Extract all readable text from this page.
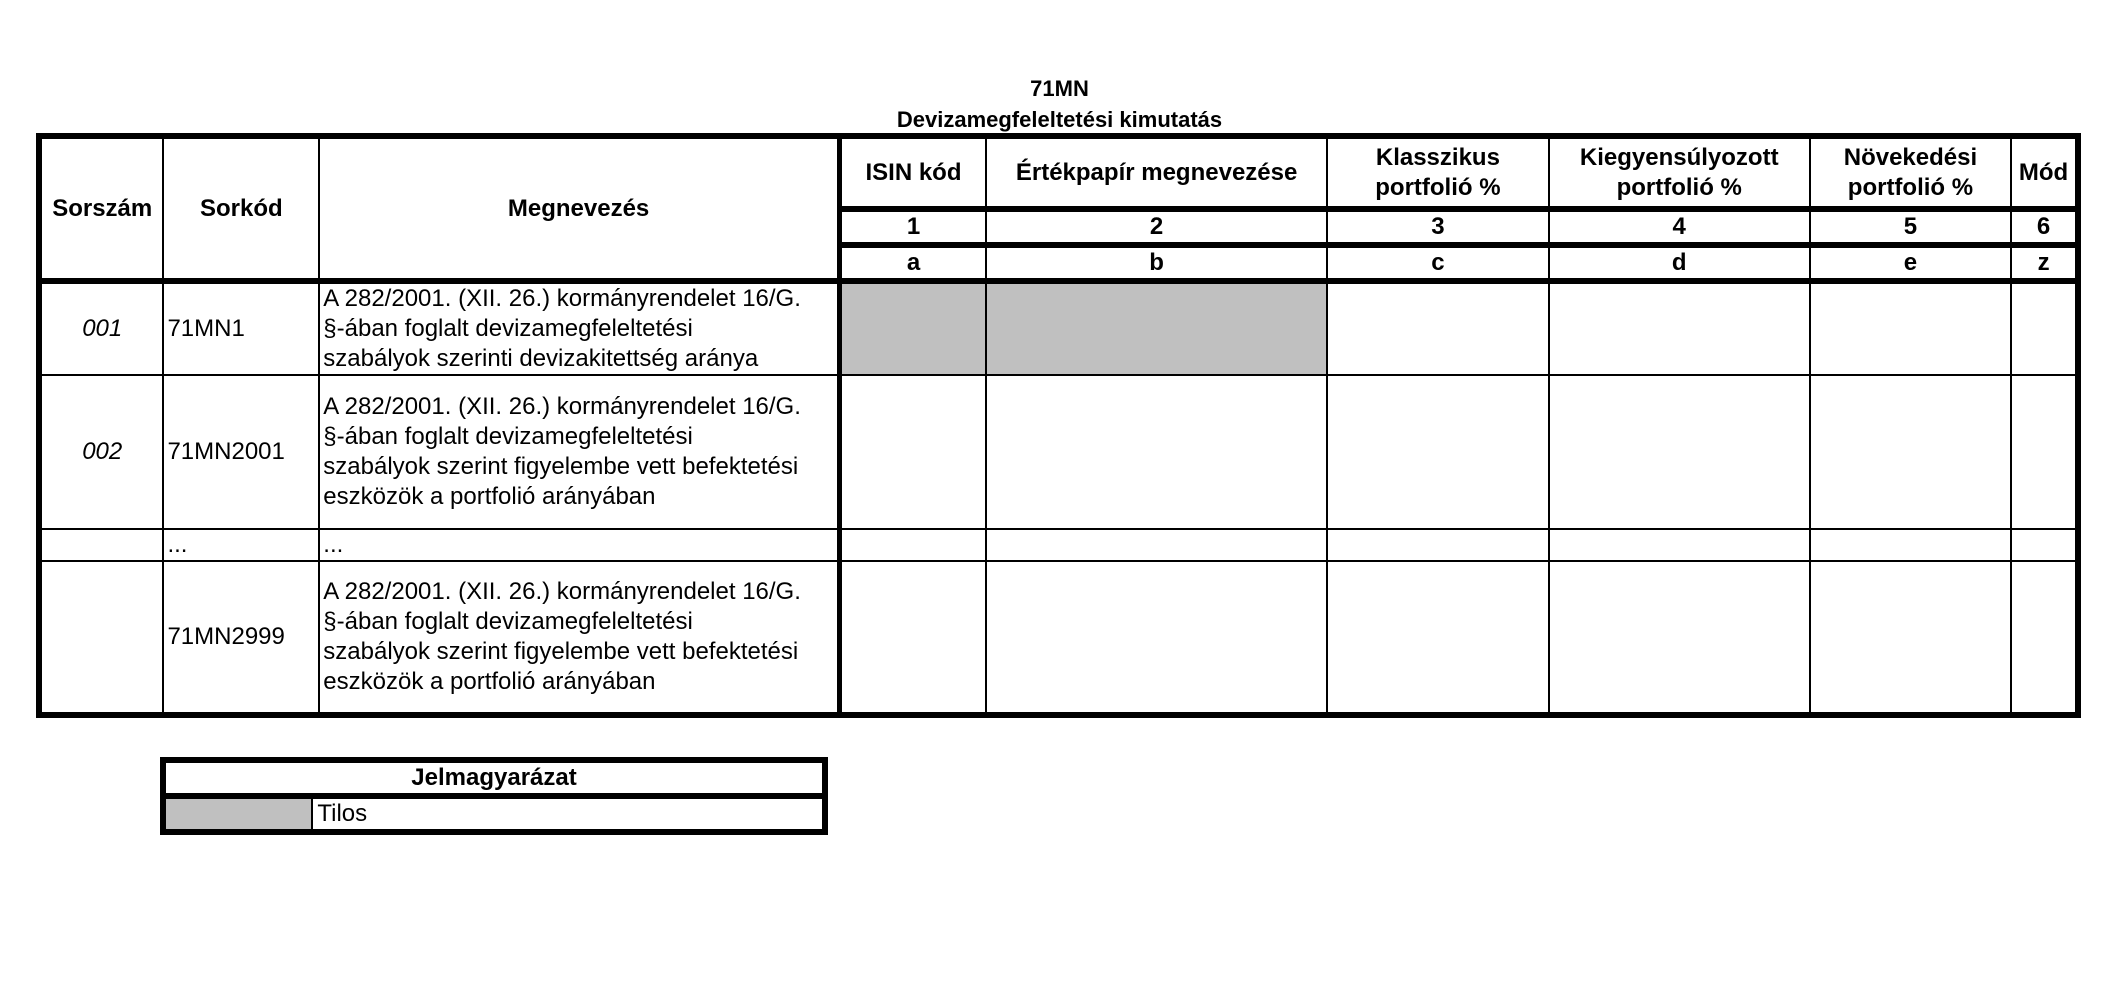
71MN
Devizamegfeleltetési kimutatás
Sorszám	Sorkód	Megnevezés	ISIN kód	Értékpapír megnevezése	Klasszikus portfolió %	Kiegyensúlyozott portfolió %	Növekedési portfolió %	Mód
			1	2	3	4	5	6
			a	b	c	d	e	z
001	71MN1	A 282/2001. (XII. 26.) kormányrendelet 16/G.
§-ában foglalt devizamegfeleltetési
szabályok szerinti devizakitettség aránya						

002	71MN2001	A 282/2001. (XII. 26.) kormányrendelet 16/G.
§-ában foglalt devizamegfeleltetési
szabályok szerint figyelembe vett befektetési
eszközök a portfolió arányában						

	...	...						

	71MN2999	A 282/2001. (XII. 26.) kormányrendelet 16/G.
§-ában foglalt devizamegfeleltetési
szabályok szerint figyelembe vett befektetési
eszközök a portfolió arányában						

Jelmagyarázat
	Tilos
